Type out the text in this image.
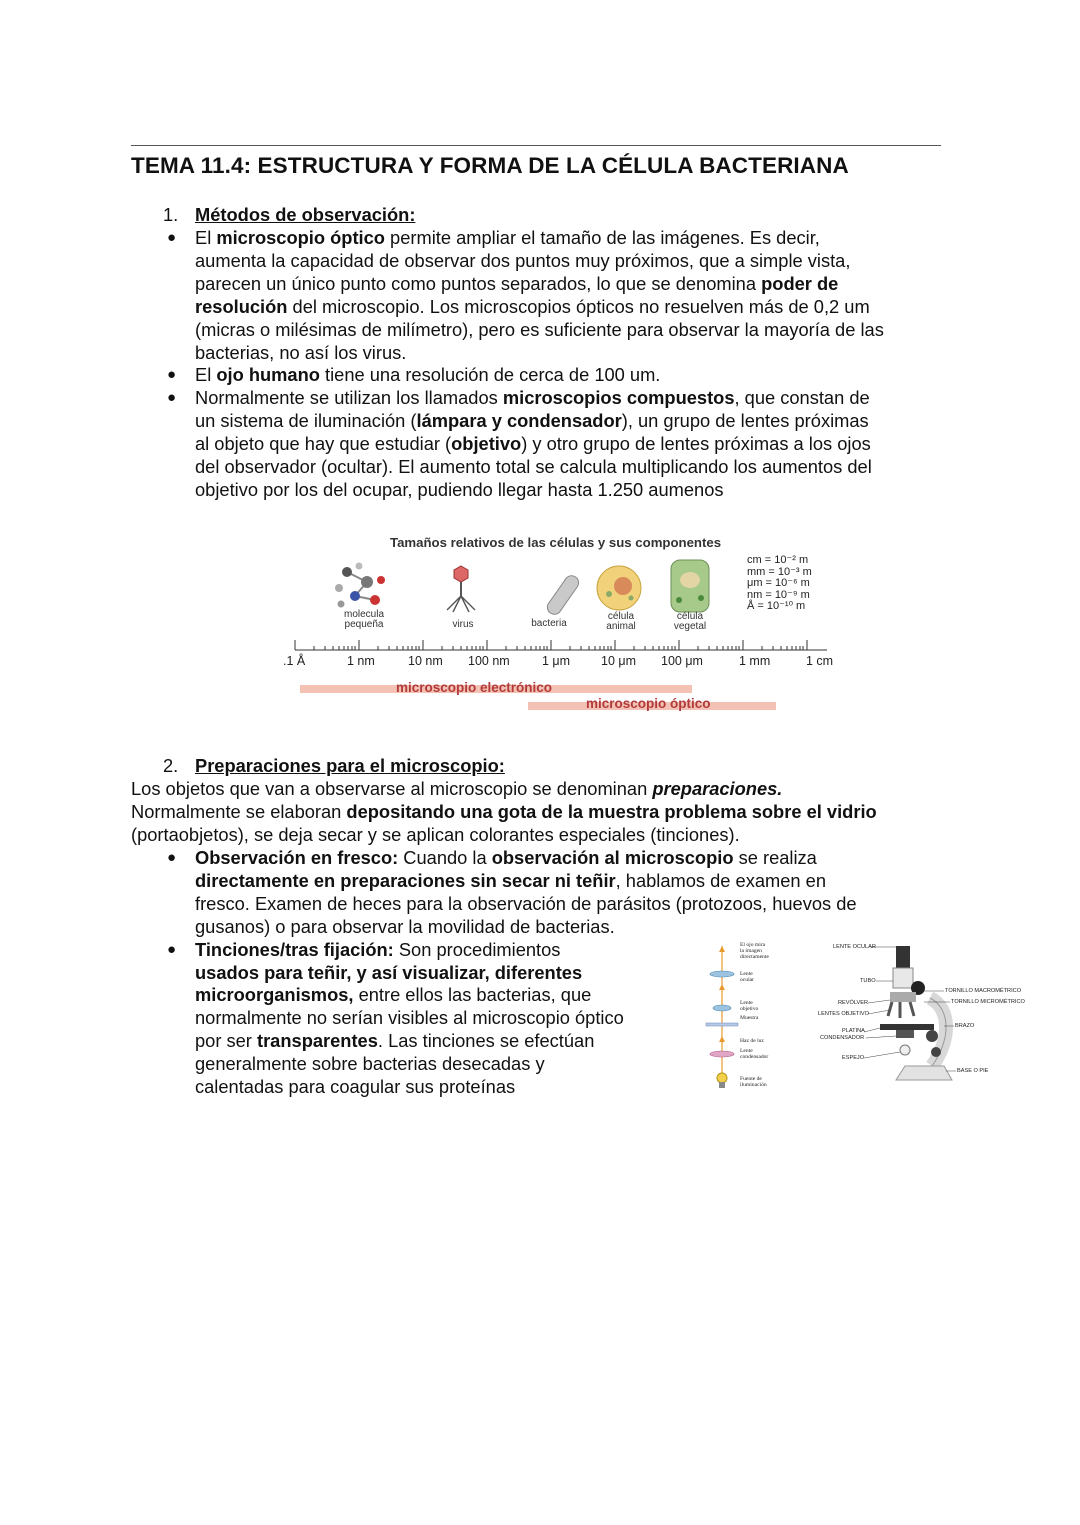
TEMA 11.4: ESTRUCTURA Y FORMA DE LA CÉLULA BACTERIANA
1. Métodos de observación:
● El microscopio óptico permite ampliar el tamaño de las imágenes. Es decir,
aumenta la capacidad de observar dos puntos muy próximos, que a simple vista,
parecen un único punto como puntos separados, lo que se denomina poder de
resolución del microscopio. Los microscopios ópticos no resuelven más de 0,2 um
(micras o milésimas de milímetro), pero es suficiente para observar la mayoría de las
bacterias, no así los virus.
● El ojo humano tiene una resolución de cerca de 100 um.
● Normalmente se utilizan los llamados microscopios compuestos, que constan de
un sistema de iluminación (lámpara y condensador), un grupo de lentes próximas
al objeto que hay que estudiar (objetivo) y otro grupo de lentes próximas a los ojos
del observador (ocultar). El aumento total se calcula multiplicando los aumentos del
objetivo por los del ocupar, pudiendo llegar hasta 1.250 aumenos
Tamaños relativos de las células y sus componentes
cm = 10⁻² m
mm = 10⁻³ m
μm = 10⁻⁶ m
nm = 10⁻⁹ m
Å = 10⁻¹⁰ m
molecula
pequeña	virus	bacteria
célula
animal
célula
vegetal
.1 Å	1 nm	10 nm 100 nm	1 μm 10 μm 100 μm	1 mm	1 cm
microscopio electrónico
microscopio óptico
2. Preparaciones para el microscopio:
Los objetos que van a observarse al microscopio se denominan preparaciones.
Normalmente se elaboran depositando una gota de la muestra problema sobre el vidrio
(portaobjetos), se deja secar y se aplican colorantes especiales (tinciones).
● Observación en fresco: Cuando la observación al microscopio se realiza
directamente en preparaciones sin secar ni teñir, hablamos de examen en
fresco. Examen de heces para la observación de parásitos (protozoos, huevos de
gusanos) o para observar la movilidad de bacterias.
● Tinciones/tras fijación: Son procedimientos
usados para teñir, y así visualizar, diferentes
microorganismos, entre ellos las bacterias, que
normalmente no serían visibles al microscopio óptico
por ser transparentes. Las tinciones se efectúan
generalmente sobre bacterias desecadas y
calentadas para coagular sus proteínas
El ojo mira
la imagen
directamente
Lente
ocular
Lente
objetivo
Muestra
Haz de luz
Lente
condensador
Fuente de
iluminación
LENTE OCULAR
TUBO
TORNILLO MACROMÉTRICO
TORNILLO MICROMÉTRICO
REVÓLVER
LENTES OBJETIVO
BRAZO
PLATINA
CONDENSADOR
ESPEJO
BASE O PIE
